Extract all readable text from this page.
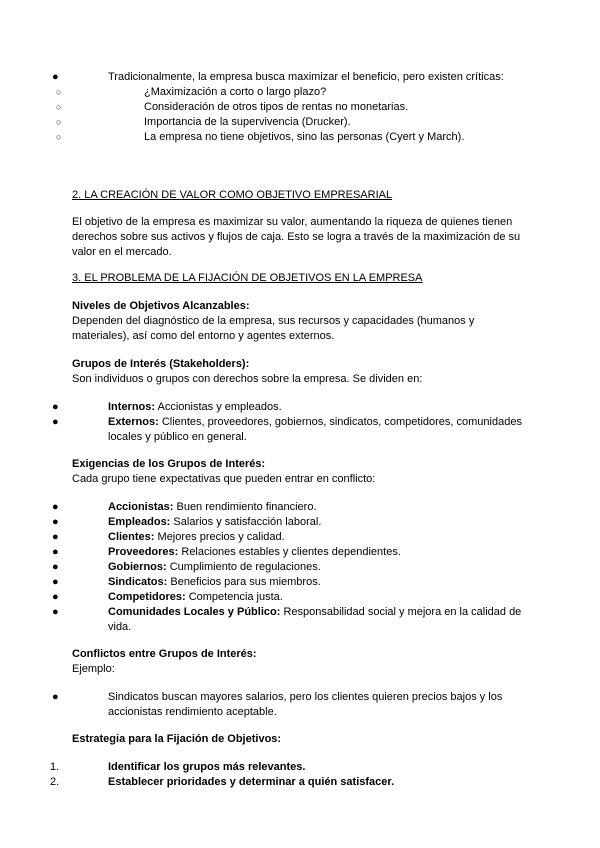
●	Tradicionalmente, la empresa busca maximizar el beneficio, pero existen críticas:
○	¿Maximización a corto o largo plazo?
○	Consideración de otros tipos de rentas no monetarias.
○	Importancia de la supervivencia (Drucker).
○	La empresa no tiene objetivos, sino las personas (Cyert y March).

2. LA CREACIÓN DE VALOR COMO OBJETIVO EMPRESARIAL

El objetivo de la empresa es maximizar su valor, aumentando la riqueza de quienes tienen

derechos sobre sus activos y flujos de caja. Esto se logra a través de la maximización de su

valor en el mercado.

3. EL PROBLEMA DE LA FIJACIÓN DE OBJETIVOS EN LA EMPRESA

Niveles de Objetivos Alcanzables:

Dependen del diagnóstico de la empresa, sus recursos y capacidades (humanos y

materiales), así como del entorno y agentes externos.

Grupos de Interés (Stakeholders):

Son individuos o grupos con derechos sobre la empresa. Se dividen en:

●	Internos: Accionistas y empleados.
●	Externos: Clientes, proveedores, gobiernos, sindicatos, competidores, comunidades
locales y público en general.

Exigencias de los Grupos de Interés:

Cada grupo tiene expectativas que pueden entrar en conflicto:

●	Accionistas: Buen rendimiento financiero.
●	Empleados: Salarios y satisfacción laboral.
●	Clientes: Mejores precios y calidad.
●	Proveedores: Relaciones estables y clientes dependientes.
●	Gobiernos: Cumplimiento de regulaciones.
●	Sindicatos: Beneficios para sus miembros.
●	Competidores: Competencia justa.
●	Comunidades Locales y Público: Responsabilidad social y mejora en la calidad de
vida.

Conflictos entre Grupos de Interés:

Ejemplo:

●	Sindicatos buscan mayores salarios, pero los clientes quieren precios bajos y los
accionistas rendimiento aceptable.

Estrategia para la Fijación de Objetivos:

1.	Identificar los grupos más relevantes.
2.	Establecer prioridades y determinar a quién satisfacer.
